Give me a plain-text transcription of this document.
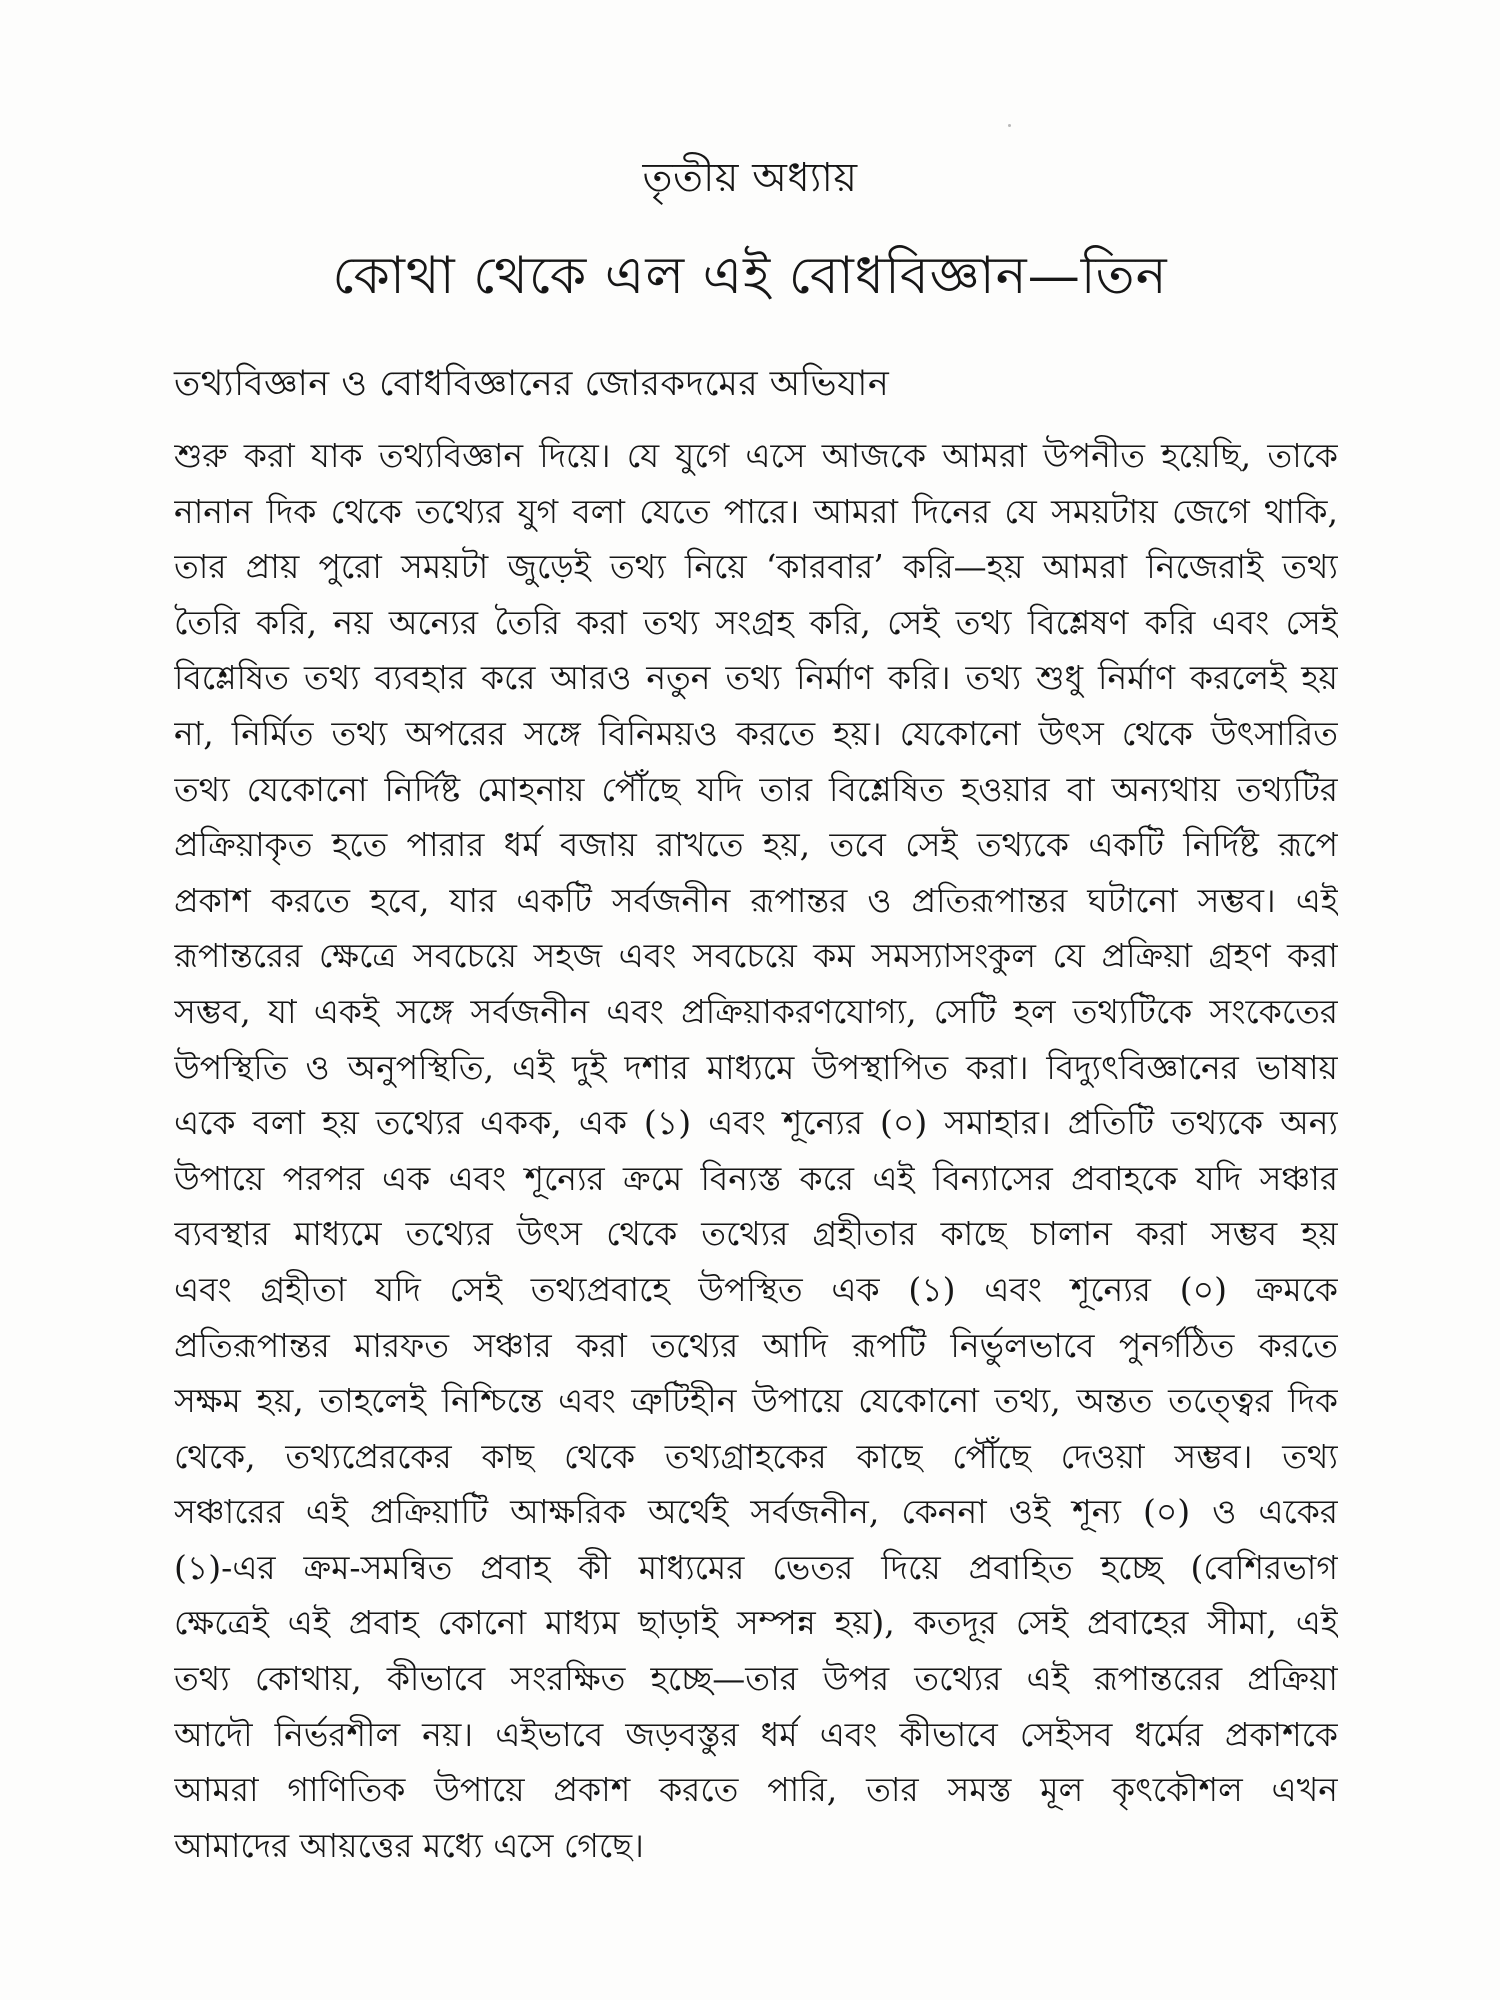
তৃতীয় অধ্যায়
কোথা থেকে এল এই বোধবিজ্ঞান—তিন
তথ্যবিজ্ঞান ও বোধবিজ্ঞানের জোরকদমের অভিযান
শুরু করা যাক তথ্যবিজ্ঞান দিয়ে। যে যুগে এসে আজকে আমরা উপনীত হয়েছি, তাকে
নানান দিক থেকে তথ্যের যুগ বলা যেতে পারে। আমরা দিনের যে সময়টায় জেগে থাকি,
তার প্রায় পুরো সময়টা জুড়েই তথ্য নিয়ে ‘কারবার’ করি—হয় আমরা নিজেরাই তথ্য
তৈরি করি, নয় অন্যের তৈরি করা তথ্য সংগ্রহ করি, সেই তথ্য বিশ্লেষণ করি এবং সেই
বিশ্লেষিত তথ্য ব্যবহার করে আরও নতুন তথ্য নির্মাণ করি। তথ্য শুধু নির্মাণ করলেই হয়
না, নির্মিত তথ্য অপরের সঙ্গে বিনিময়ও করতে হয়। যেকোনো উৎস থেকে উৎসারিত
তথ্য যেকোনো নির্দিষ্ট মোহনায় পৌঁছে যদি তার বিশ্লেষিত হওয়ার বা অন্যথায় তথ্যটির
প্রক্রিয়াকৃত হতে পারার ধর্ম বজায় রাখতে হয়, তবে সেই তথ্যকে একটি নির্দিষ্ট রূপে
প্রকাশ করতে হবে, যার একটি সর্বজনীন রূপান্তর ও প্রতিরূপান্তর ঘটানো সম্ভব। এই
রূপান্তরের ক্ষেত্রে সবচেয়ে সহজ এবং সবচেয়ে কম সমস্যাসংকুল যে প্রক্রিয়া গ্রহণ করা
সম্ভব, যা একই সঙ্গে সর্বজনীন এবং প্রক্রিয়াকরণযোগ্য, সেটি হল তথ্যটিকে সংকেতের
উপস্থিতি ও অনুপস্থিতি, এই দুই দশার মাধ্যমে উপস্থাপিত করা। বিদ্যুৎবিজ্ঞানের ভাষায়
একে বলা হয় তথ্যের একক, এক (১) এবং শূন্যের (০) সমাহার। প্রতিটি তথ্যকে অন্য
উপায়ে পরপর এক এবং শূন্যের ক্রমে বিন্যস্ত করে এই বিন্যাসের প্রবাহকে যদি সঞ্চার
ব্যবস্থার মাধ্যমে তথ্যের উৎস থেকে তথ্যের গ্রহীতার কাছে চালান করা সম্ভব হয়
এবং গ্রহীতা যদি সেই তথ্যপ্রবাহে উপস্থিত এক (১) এবং শূন্যের (০) ক্রমকে
প্রতিরূপান্তর মারফত সঞ্চার করা তথ্যের আদি রূপটি নির্ভুলভাবে পুনর্গঠিত করতে
সক্ষম হয়, তাহলেই নিশ্চিন্তে এবং ত্রুটিহীন উপায়ে যেকোনো তথ্য, অন্তত তত্ত্বের দিক
থেকে, তথ্যপ্রেরকের কাছ থেকে তথ্যগ্রাহকের কাছে পৌঁছে দেওয়া সম্ভব। তথ্য
সঞ্চারের এই প্রক্রিয়াটি আক্ষরিক অর্থেই সর্বজনীন, কেননা ওই শূন্য (০) ও একের
(১)-এর ক্রম-সমন্বিত প্রবাহ কী মাধ্যমের ভেতর দিয়ে প্রবাহিত হচ্ছে (বেশিরভাগ
ক্ষেত্রেই এই প্রবাহ কোনো মাধ্যম ছাড়াই সম্পন্ন হয়), কতদূর সেই প্রবাহের সীমা, এই
তথ্য কোথায়, কীভাবে সংরক্ষিত হচ্ছে—তার উপর তথ্যের এই রূপান্তরের প্রক্রিয়া
আদৌ নির্ভরশীল নয়। এইভাবে জড়বস্তুর ধর্ম এবং কীভাবে সেইসব ধর্মের প্রকাশকে
আমরা গাণিতিক উপায়ে প্রকাশ করতে পারি, তার সমস্ত মূল কৃৎকৌশল এখন
আমাদের আয়ত্তের মধ্যে এসে গেছে।
